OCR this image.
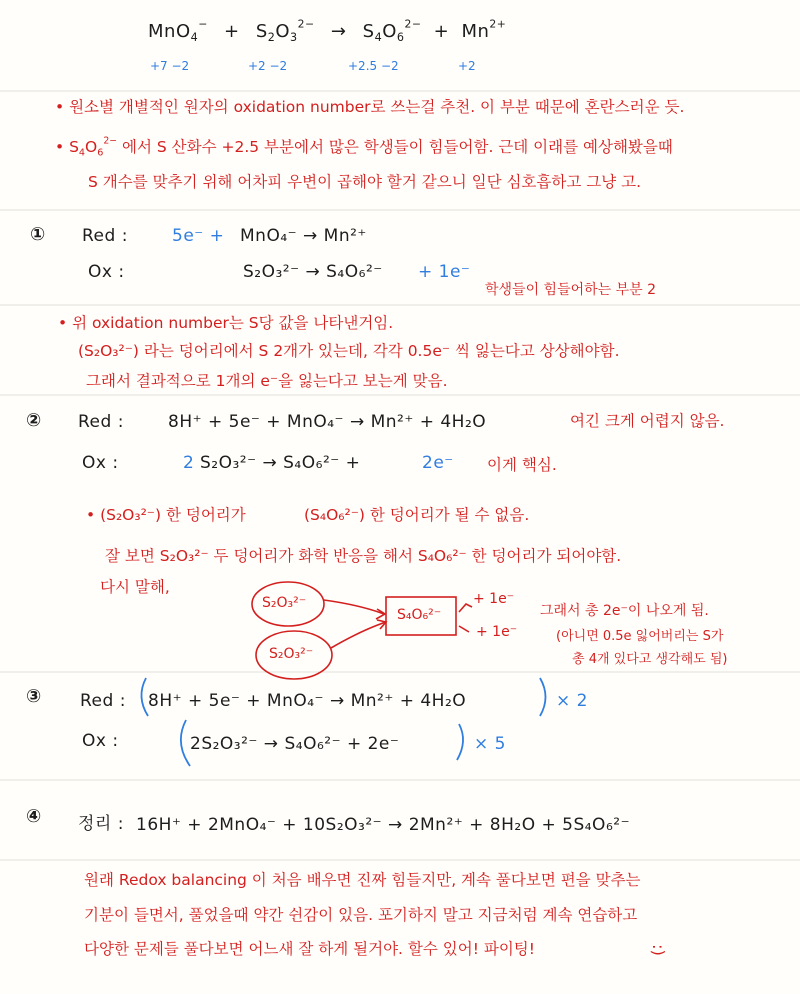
$MnO_4^- + S_2O_3^{2-} \to S_4O_6^{2-} + Mn^{2+}$
+7 −2	+2 −2	+2.5 −2	+2
• 원소별 개별적인 원자의 oxidation number로 쓰는걸 추천. 이 부분 때문에 혼란스러운 듯.
• $S_4O_6^{2-}$ 에서 S 산화수 +2.5 부분에서 많은 학생들이 힘들어함. 근데 이래를 예상해봤을때
S 개수를 맞추기 위해 어차피 우변이 곱해야 할거 같으니 일단 심호흡하고 그냥 고.
① Red :	5e⁻ + MnO₄⁻ → Mn²⁺
Ox :	S₂O₃²⁻ → S₄O₆²⁻ + 1e⁻
학생들이 힘들어하는 부분 2
• 위 oxidation number는 S당 값을 나타낸거임.
(S₂O₃²⁻) 라는 덩어리에서 S 2개가 있는데, 각각 0.5e⁻ 씩 잃는다고 상상해야함.
그래서 결과적으로 1개의 e⁻을 잃는다고 보는게 맞음.
② Red :	8H⁺ + 5e⁻ + MnO₄⁻ → Mn²⁺ + 4H₂O	여긴 크게 어렵지 않음.
Ox :	2 S₂O₃²⁻ → S₄O₆²⁻ +	2e⁻ 이게 핵심.
• (S₂O₃²⁻) 한 덩어리가	(S₄O₆²⁻) 한 덩어리가 될 수 없음.
잘 보면 S₂O₃²⁻ 두 덩어리가 화학 반응을 해서 S₄O₆²⁻ 한 덩어리가 되어야함.
다시 말해,
S₂O₃²⁻
S₂O₃²⁻
S₄O₆²⁻
+ 1e⁻
+ 1e⁻
그래서 총 2e⁻이 나오게 됨.
(아니면 0.5e 잃어버리는 S가
총 4개 있다고 생각해도 됨)
③ Red : 8H⁺ + 5e⁻ + MnO₄⁻ → Mn²⁺ + 4H₂O	× 2
Ox :	2S₂O₃²⁻ → S₄O₆²⁻ + 2e⁻	× 5
④ 정리 : 16H⁺ + 2MnO₄⁻ + 10S₂O₃²⁻ → 2Mn²⁺ + 8H₂O + 5S₄O₆²⁻
원래 Redox balancing 이 처음 배우면 진짜 힘들지만, 계속 풀다보면 편을 맞추는
기분이 들면서, 풀었을때 약간 쉰감이 있음. 포기하지 말고 지금처럼 계속 연습하고
다양한 문제들 풀다보면 어느새 잘 하게 될거야. 할수 있어! 파이팅!	:)
